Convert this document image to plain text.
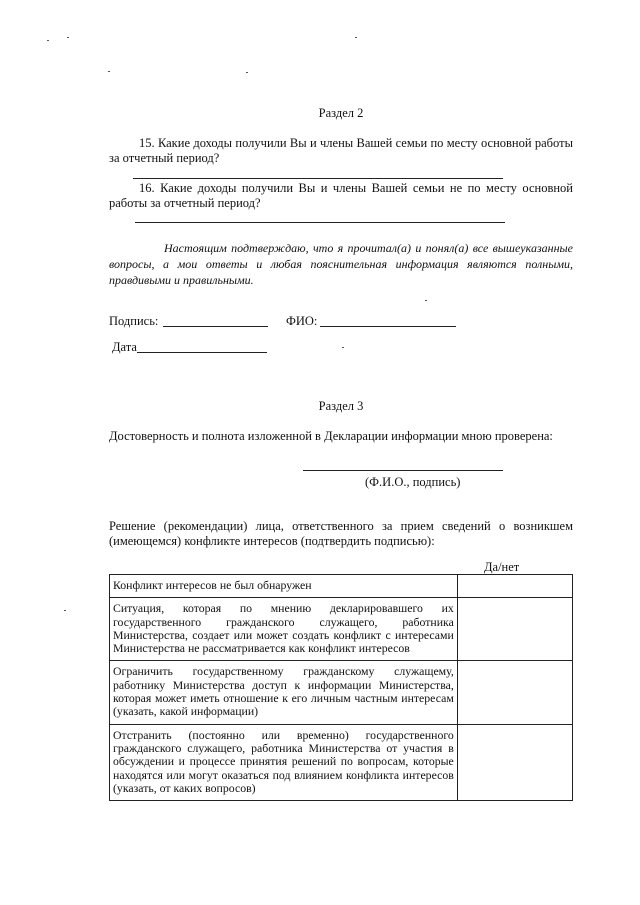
Раздел 2
15. Какие доходы получили Вы и члены Вашей семьи по месту основной работы за отчетный период?
16. Какие доходы получили Вы и члены Вашей семьи не по месту основной работы за отчетный период?
Настоящим подтверждаю, что я прочитал(а) и понял(а) все вышеуказанные вопросы, а мои ответы и любая пояснительная информация являются полными, правдивыми и правильными.
Подпись:	ФИО:
Дата
Раздел 3
Достоверность и полнота изложенной в Декларации информации мною проверена:
(Ф.И.О., подпись)
Решение (рекомендации) лица, ответственного за прием сведений о возникшем (имеющемся) конфликте интересов (подтвердить подписью):
Да/нет
Конфликт интересов не был обнаружен	
Ситуация, которая по мнению декларировавшего их государственного гражданского служащего, работника Министерства, создает или может создать конфликт с интересами Министерства не рассматривается как конфликт интересов	
Ограничить государственному гражданскому служащему, работнику Министерства доступ к информации Министерства, которая может иметь отношение к его личным частным интересам (указать, какой информации)	
Отстранить (постоянно или временно) государственного гражданского служащего, работника Министерства от участия в обсуждении и процессе принятия решений по вопросам, которые находятся или могут оказаться под влиянием конфликта интересов (указать, от каких вопросов)	
